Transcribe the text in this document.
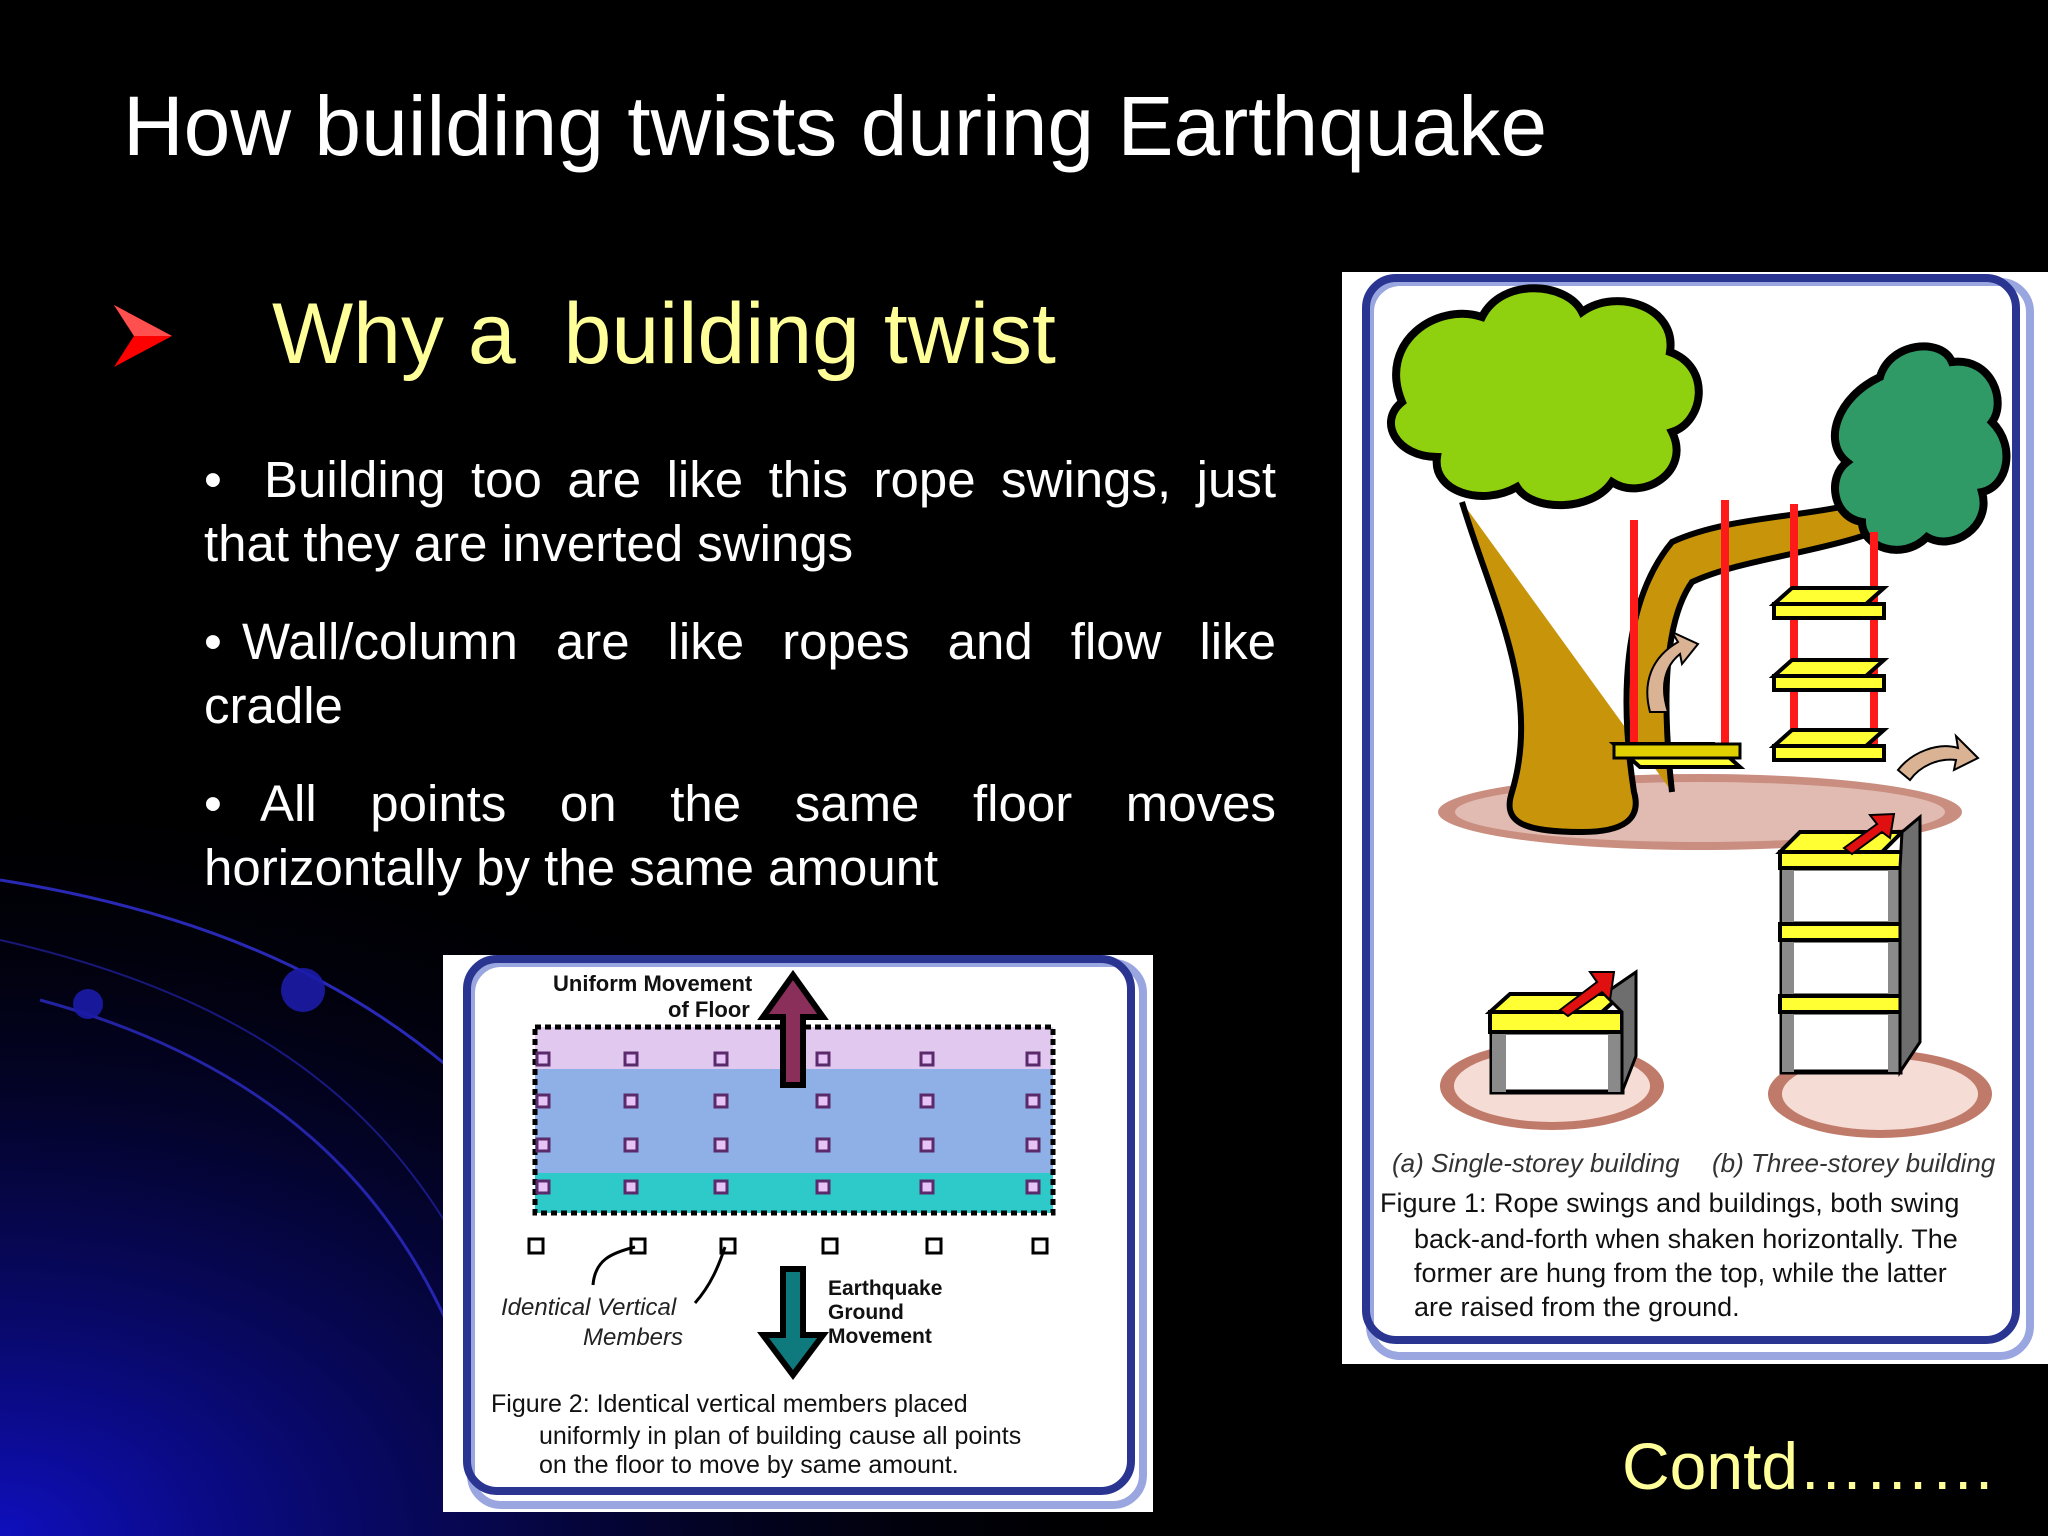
How building twists during Earthquake
Why a  building twist

• Building too are like this rope swings, just that they are inverted swings

• Wall/column are like ropes and flow like cradle

• All points on the same floor moves horizontally by the same amount

(a) Single-storey building (b) Three-storey building
Figure 1: Rope swings and buildings, both swing
back-and-forth when shaken horizontally. The
former are hung from the top, while the latter
are raised from the ground.
Uniform Movement
of Floor
Identical Vertical
Members
Earthquake
Ground
Movement
Figure 2: Identical vertical members placed
uniformly in plan of building cause all points
on the floor to move by same amount.	Contd………
